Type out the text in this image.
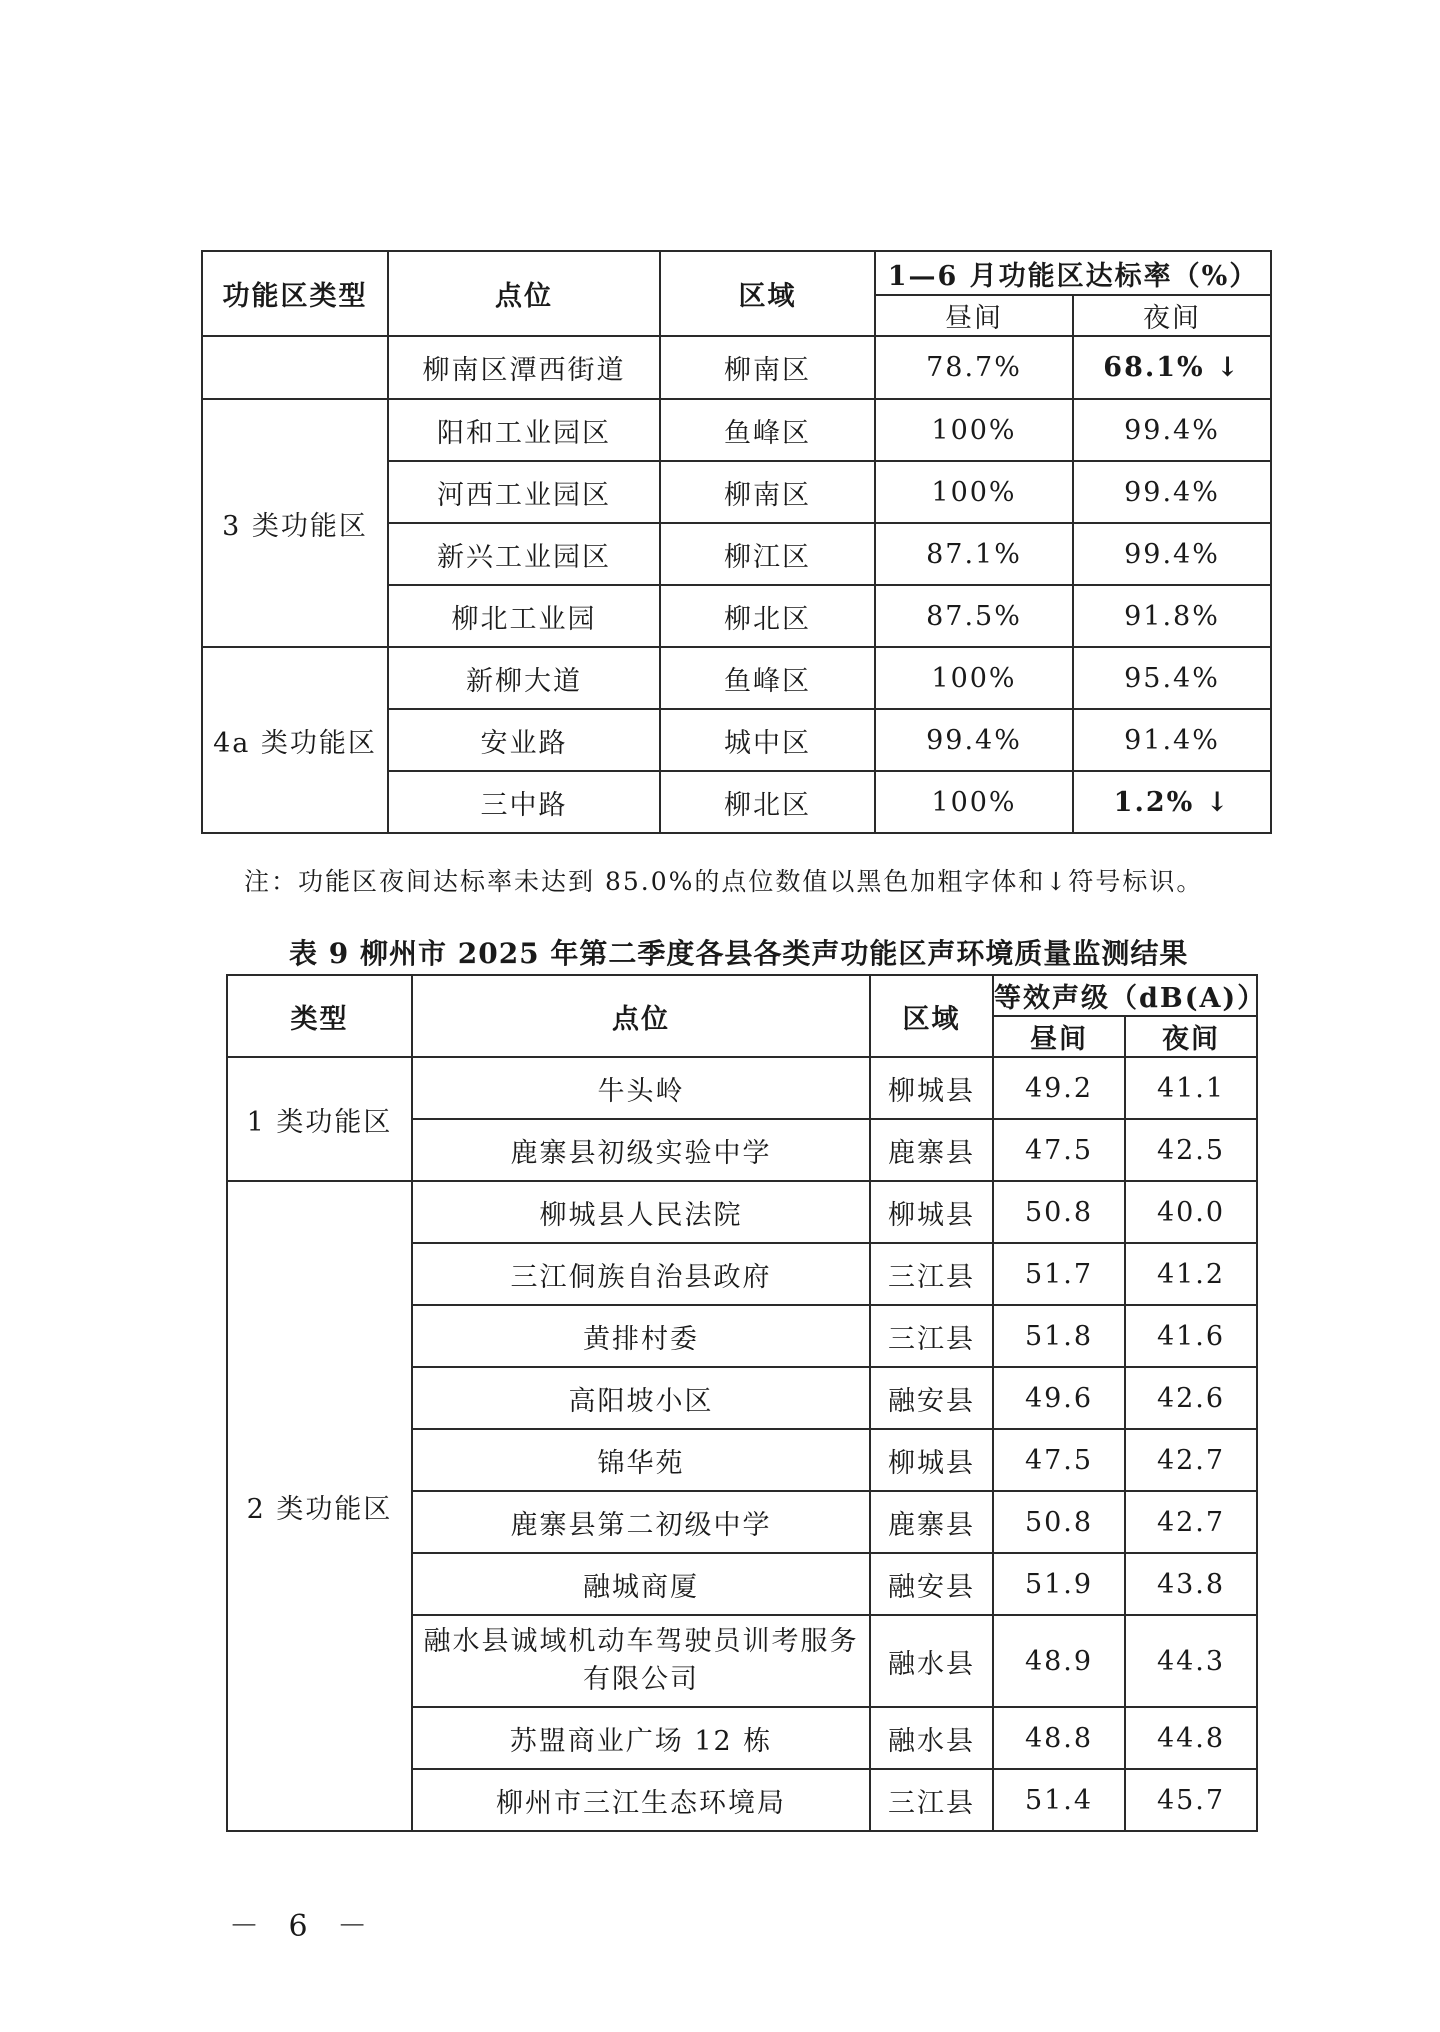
功能区类型	点位	区域	1—6 月功能区达标率（%）	
			昼间	夜间
	柳南区潭西街道	柳南区	78.7%	68.1% ↓
3 类功能区	阳和工业园区	鱼峰区	100%	99.4%
	河西工业园区	柳南区	100%	99.4%
	新兴工业园区	柳江区	87.1%	99.4%
	柳北工业园	柳北区	87.5%	91.8%
4a 类功能区	新柳大道	鱼峰区	100%	95.4%
	安业路	城中区	99.4%	91.4%
	三中路	柳北区	100%	1.2% ↓
注：功能区夜间达标率未达到 85.0%的点位数值以黑色加粗字体和↓符号标识。
表 9 柳州市 2025 年第二季度各县各类声功能区声环境质量监测结果
类型	点位	区域	等效声级（dB(A)）	
			昼间	夜间
1 类功能区	牛头岭	柳城县	49.2	41.1
	鹿寨县初级实验中学	鹿寨县	47.5	42.5
2 类功能区	柳城县人民法院	柳城县	50.8	40.0
	三江侗族自治县政府	三江县	51.7	41.2
	黄排村委	三江县	51.8	41.6
	高阳坡小区	融安县	49.6	42.6
	锦华苑	柳城县	47.5	42.7
	鹿寨县第二初级中学	鹿寨县	50.8	42.7
	融城商厦	融安县	51.9	43.8

	融水县诚域机动车驾驶员训考服务有限公司	融水县	48.9	44.3
	苏盟商业广场 12 栋	融水县	48.8	44.8
	柳州市三江生态环境局	三江县	51.4	45.7
－ 6 －
